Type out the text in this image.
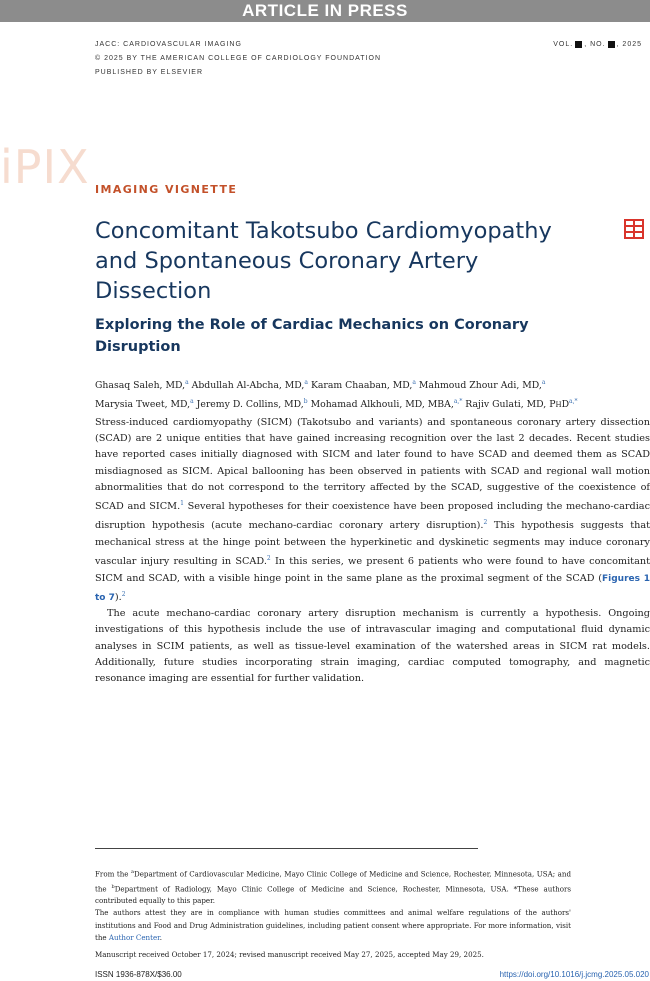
ARTICLE IN PRESS
JACC: CARDIOVASCULAR IMAGING
© 2025 BY THE AMERICAN COLLEGE OF CARDIOLOGY FOUNDATION
PUBLISHED BY ELSEVIER
VOL. , NO. , 2025
iPIX IMAGING VIGNETTE
Concomitant Takotsubo Cardiomyopathy and Spontaneous Coronary Artery Dissection
Exploring the Role of Cardiac Mechanics on Coronary Disruption
Ghasaq Saleh, MD,$^a$ Abdullah Al-Abcha, MD,$^a$ Karam Chaaban, MD,$^a$ Mahmoud Zhour Adi, MD,$^a$
Marysia Tweet, MD,$^a$ Jeremy D. Collins, MD,$^b$ Mohamad Alkhouli, MD, MBA,$^{a,*}$ Rajiv Gulati, MD, $PHD^{a,*}$

Stress-induced cardiomyopathy (SICM) (Takotsubo and variants) and spontaneous coronary artery dissection (SCAD) are 2 unique entities that have gained increasing recognition over the last 2 decades. Recent studies have reported cases initially diagnosed with SICM and later found to have SCAD and deemed them as SCAD misdiagnosed as SICM. Apical ballooning has been observed in patients with SCAD and regional wall motion abnormalities that do not correspond to the territory affected by the SCAD, suggestive of the coexistence of SCAD and SICM.$^1$ Several hypotheses for their coexistence have been proposed including the mechano-cardiac disruption hypothesis (acute mechano-cardiac coronary artery disruption).$^2$ This hypothesis suggests that mechanical stress at the hinge point between the hyperkinetic and dyskinetic segments may induce coronary vascular injury resulting in SCAD.$^2$ In this series, we present 6 patients who were found to have concomitant SICM and SCAD, with a visible hinge point in the same plane as the proximal segment of the SCAD (Figures 1 to 7).$^2$

The acute mechano-cardiac coronary artery disruption mechanism is currently a hypothesis. Ongoing investigations of this hypothesis include the use of intravascular imaging and computational fluid dynamic analyses in SCIM patients, as well as tissue-level examination of the watershed areas in SICM rat models. Additionally, future studies incorporating strain imaging, cardiac computed tomography, and magnetic resonance imaging are essential for further validation.

From the $^a$Department of Cardiovascular Medicine, Mayo Clinic College of Medicine and Science, Rochester, Minnesota, USA; and the $^b$Department of Radiology, Mayo Clinic College of Medicine and Science, Rochester, Minnesota, USA. *These authors contributed equally to this paper.

The authors attest they are in compliance with human studies committees and animal welfare regulations of the authors' institutions and Food and Drug Administration guidelines, including patient consent where appropriate. For more information, visit the Author Center.

Manuscript received October 17, 2024; revised manuscript received May 27, 2025, accepted May 29, 2025.

ISSN 1936-878X/$36.00	https://doi.org/10.1016/j.jcmg.2025.05.020
